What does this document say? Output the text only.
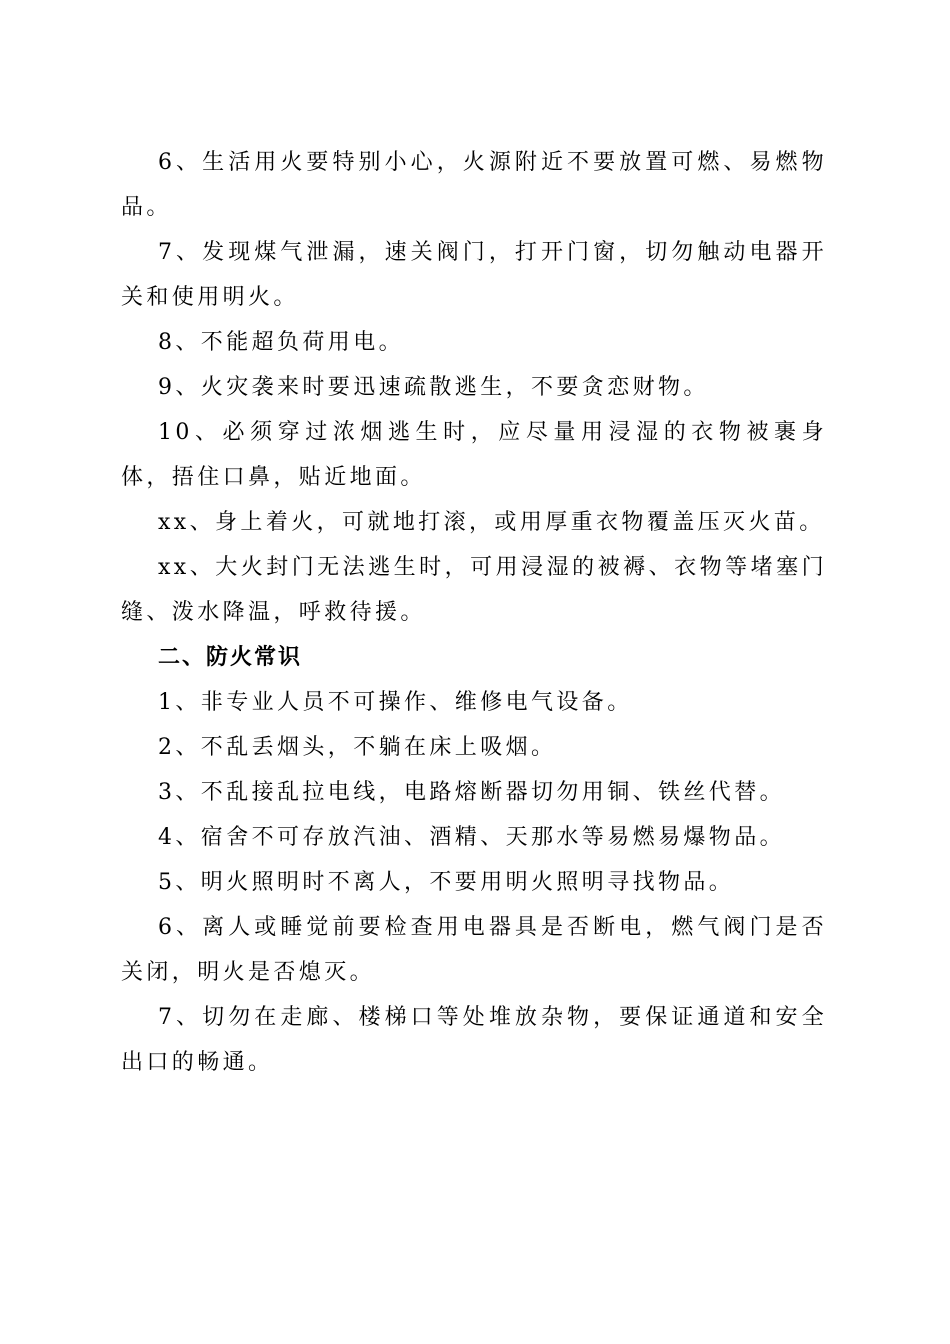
6、生活用火要特别小心，火源附近不要放置可燃、易燃物品。

7、发现煤气泄漏，速关阀门，打开门窗，切勿触动电器开关和使用明火。

8、不能超负荷用电。

9、火灾袭来时要迅速疏散逃生，不要贪恋财物。

10、必须穿过浓烟逃生时，应尽量用浸湿的衣物被裹身体，捂住口鼻，贴近地面。

xx、身上着火，可就地打滚，或用厚重衣物覆盖压灭火苗。

xx、大火封门无法逃生时，可用浸湿的被褥、衣物等堵塞门缝、泼水降温，呼救待援。

二、防火常识

1、非专业人员不可操作、维修电气设备。

2、不乱丢烟头，不躺在床上吸烟。

3、不乱接乱拉电线，电路熔断器切勿用铜、铁丝代替。

4、宿舍不可存放汽油、酒精、天那水等易燃易爆物品。

5、明火照明时不离人，不要用明火照明寻找物品。

6、离人或睡觉前要检查用电器具是否断电，燃气阀门是否关闭，明火是否熄灭。

7、切勿在走廊、楼梯口等处堆放杂物，要保证通道和安全出口的畅通。
